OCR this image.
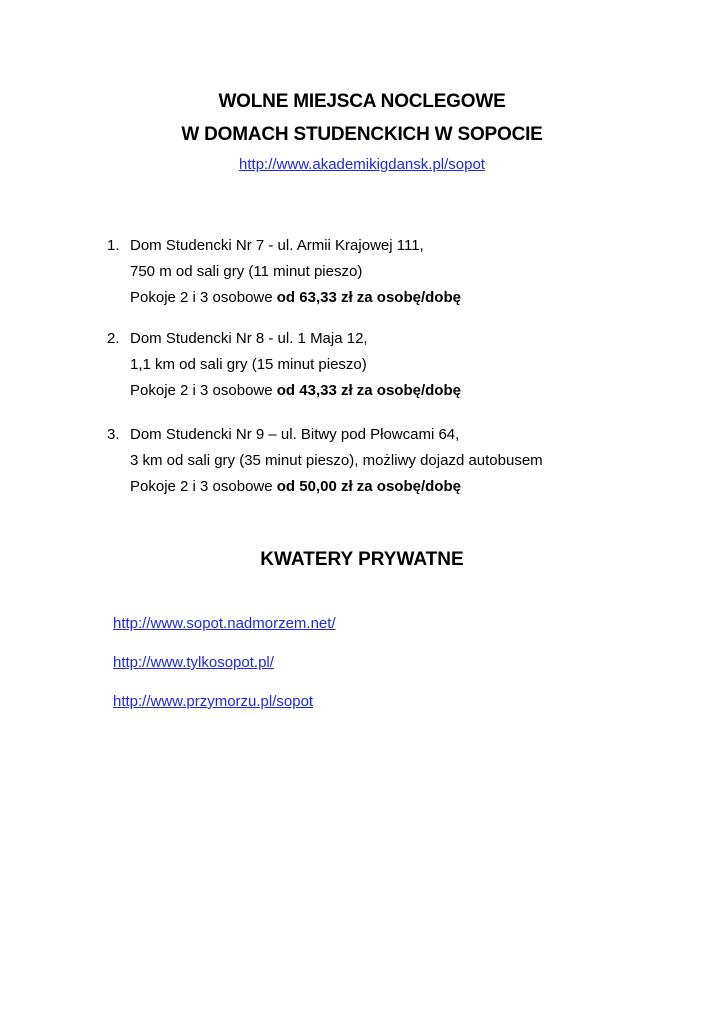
WOLNE MIEJSCA NOCLEGOWE
W DOMACH STUDENCKICH W SOPOCIE
http://www.akademikigdansk.pl/sopot
1. Dom Studencki Nr 7 - ul. Armii Krajowej 111,
750 m od sali gry (11 minut pieszo)
Pokoje 2 i 3 osobowe od 63,33 zł za osobę/dobę
2. Dom Studencki Nr 8 - ul. 1 Maja 12,
1,1 km od sali gry (15 minut pieszo)
Pokoje 2 i 3 osobowe od 43,33 zł za osobę/dobę
3. Dom Studencki Nr 9 – ul. Bitwy pod Płowcami 64,
3 km od sali gry (35 minut pieszo), możliwy dojazd autobusem
Pokoje 2 i 3 osobowe od 50,00 zł za osobę/dobę
KWATERY PRYWATNE
http://www.sopot.nadmorzem.net/
http://www.tylkosopot.pl/
http://www.przymorzu.pl/sopot
